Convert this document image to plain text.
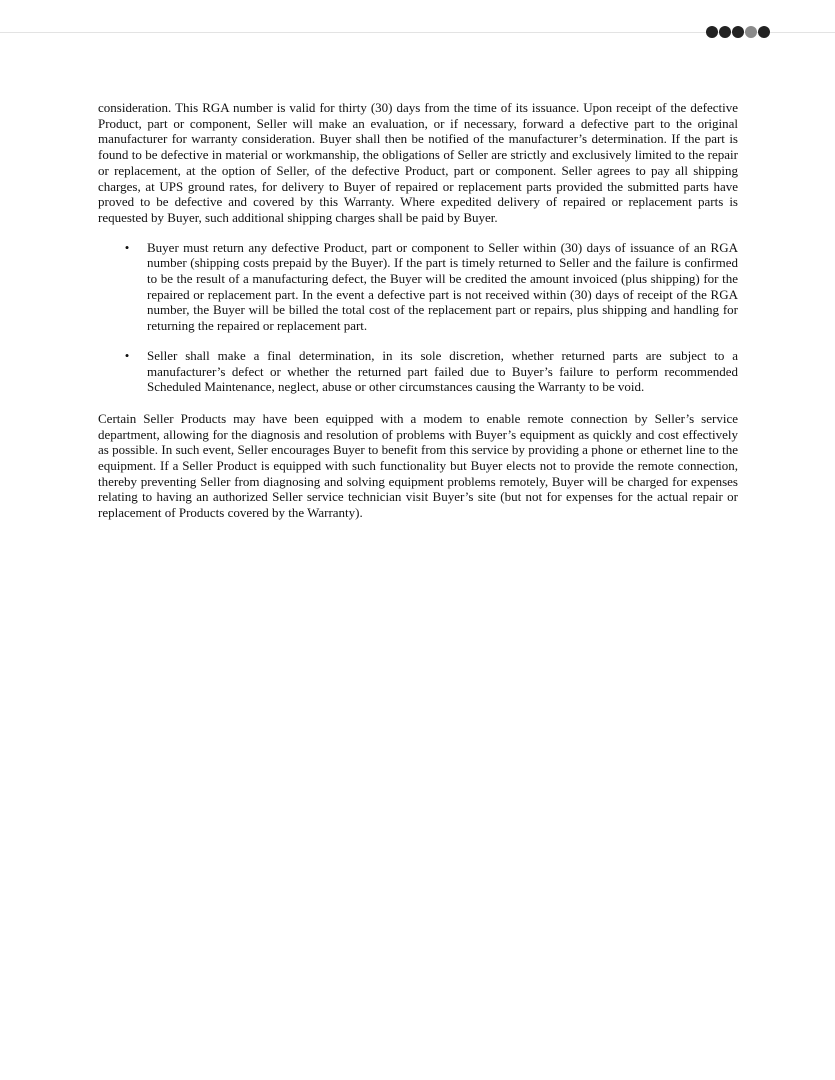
consideration. This RGA number is valid for thirty (30) days from the time of its issuance. Upon receipt of the defective Product, part or component, Seller will make an evaluation, or if necessary, forward a defective part to the original manufacturer for warranty consideration. Buyer shall then be notified of the manufacturer’s determination. If the part is found to be defective in material or workmanship, the obligations of Seller are strictly and exclusively limited to the repair or replacement, at the option of Seller, of the defective Product, part or component. Seller agrees to pay all shipping charges, at UPS ground rates, for delivery to Buyer of repaired or replacement parts provided the submitted parts have proved to be defective and covered by this Warranty. Where expedited delivery of repaired or replacement parts is requested by Buyer, such additional shipping charges shall be paid by Buyer.

• Buyer must return any defective Product, part or component to Seller within (30) days of issuance of an RGA number (shipping costs prepaid by the Buyer). If the part is timely returned to Seller and the failure is confirmed to be the result of a manufacturing defect, the Buyer will be credited the amount invoiced (plus shipping) for the repaired or replacement part. In the event a defective part is not received within (30) days of receipt of the RGA number, the Buyer will be billed the total cost of the replacement part or repairs, plus shipping and handling for returning the repaired or replacement part.
• Seller shall make a final determination, in its sole discretion, whether returned parts are subject to a manufacturer’s defect or whether the returned part failed due to Buyer’s failure to perform recommended Scheduled Maintenance, neglect, abuse or other circumstances causing the Warranty to be void.

Certain Seller Products may have been equipped with a modem to enable remote connection by Seller’s service department, allowing for the diagnosis and resolution of problems with Buyer’s equipment as quickly and cost effectively as possible. In such event, Seller encourages Buyer to benefit from this service by providing a phone or ethernet line to the equipment. If a Seller Product is equipped with such functionality but Buyer elects not to provide the remote connection, thereby preventing Seller from diagnosing and solving equipment problems remotely, Buyer will be charged for expenses relating to having an authorized Seller service technician visit Buyer’s site (but not for expenses for the actual repair or replacement of Products covered by the Warranty).
